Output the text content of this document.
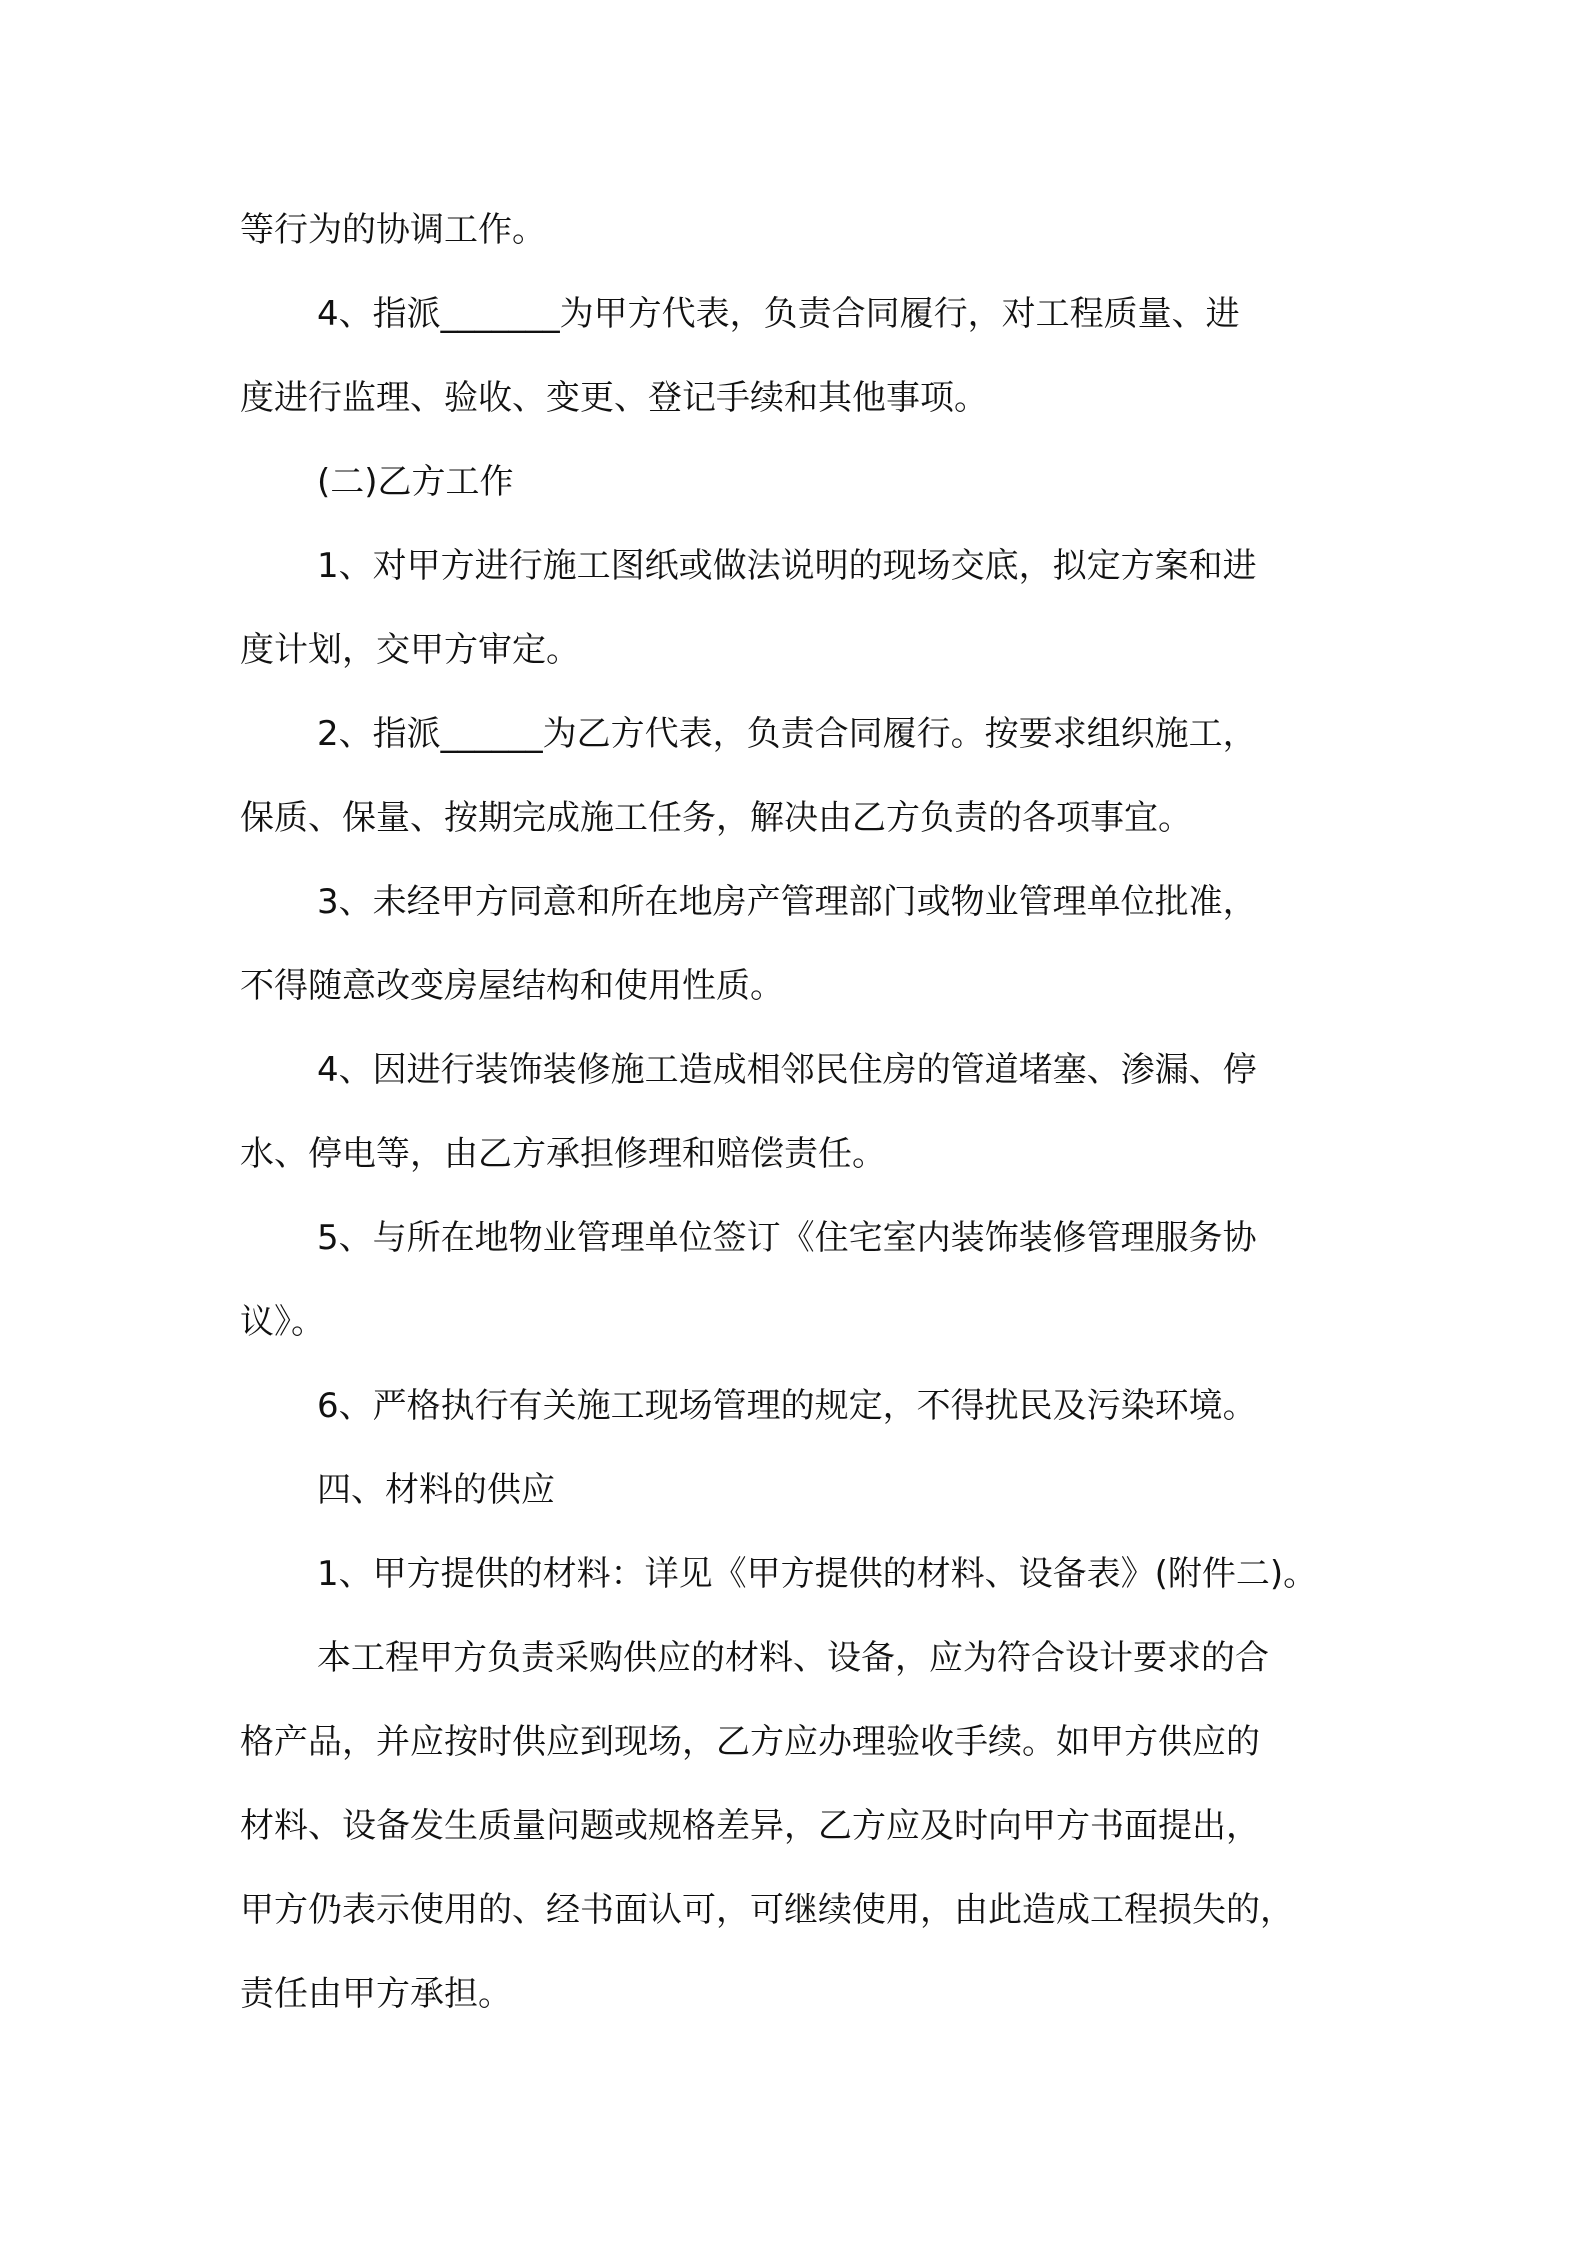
等行为的协调工作。
4、指派_______为甲方代表，负责合同履行，对工程质量、进
度进行监理、验收、变更、登记手续和其他事项。
(二)乙方工作
1、对甲方进行施工图纸或做法说明的现场交底，拟定方案和进
度计划，交甲方审定。
2、指派______为乙方代表，负责合同履行。按要求组织施工，
保质、保量、按期完成施工任务，解决由乙方负责的各项事宜。
3、未经甲方同意和所在地房产管理部门或物业管理单位批准，
不得随意改变房屋结构和使用性质。
4、因进行装饰装修施工造成相邻民住房的管道堵塞、渗漏、停
水、停电等，由乙方承担修理和赔偿责任。
5、与所在地物业管理单位签订《住宅室内装饰装修管理服务协
议》。
6、严格执行有关施工现场管理的规定，不得扰民及污染环境。
四、材料的供应
1、甲方提供的材料：详见《甲方提供的材料、设备表》(附件二)。
本工程甲方负责采购供应的材料、设备，应为符合设计要求的合
格产品，并应按时供应到现场，乙方应办理验收手续。如甲方供应的
材料、设备发生质量问题或规格差异，乙方应及时向甲方书面提出，
甲方仍表示使用的、经书面认可，可继续使用，由此造成工程损失的，
责任由甲方承担。
